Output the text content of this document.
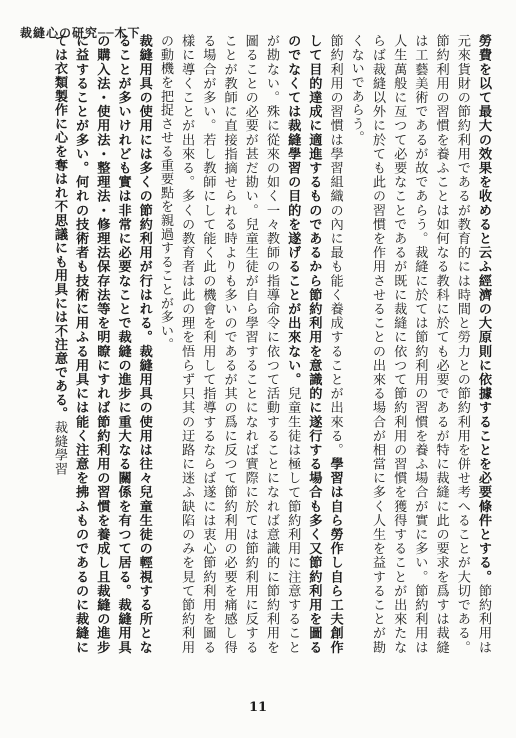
裁縫心の研究──木下

勞費を以て最大の效果を收めると云ふ經濟の大原則に依據することを必要條件とする。節約利用は元來貨財の節約利用であるが教育的には時間と勞力との節約利用を併せ考へることが大切である。節約利用の習慣を養ふことは如何なる教科に於ても必要であるが特に裁縫に此の要求を爲すは裁縫は工藝美術であるが故であらう。裁縫に於ては節約利用の習慣を養ふ場合が實に多い。節約利用は人生萬般に亙つて必要なことであるが既に裁縫に依つて節約利用の習慣を獲得することが出來たならば裁縫以外に於ても此の習慣を作用させることの出來る場合が相當に多く人生を益することが勘くないであらう。

節約利用の習慣は學習組織の內に最も能く養成することが出來る。學習は自ら勞作し自ら工夫創作して目的達成に適進するものであるから節約利用を意識的に遂行する場合も多く又節約利用を圖るのでなくては裁縫學習の目的を遂げることが出來ない。兒童生徒は極して節約利用に注意することが勘ない。殊に從來の如く一々教師の指導命令に依つて活動することになれば意識的に節約利用を圖ることの必要が甚だ勘い。兒童生徒が自ら學習することになれば實際に於ては節約利用に反することが教師に直接指摘せられる時よりも多いのであるが其の爲に反つて節約利用の必要を痛感し得る場合が多い。若し教師にして能く此の機會を利用して指導するならば遂には衷心節約利用を圖る樣に導くことが出來る。多くの教育者は此の理を悟らず只其の迂路に迷ふ缺陷のみを見て節約利用の動機を把捉させる重要點を親過することが多い。

裁縫用具の使用には多くの節約利用が行はれる。裁縫用具の使用は往々兒童生徒の輕視する所となることが多いけれども實は非常に必要なことで裁縫の進步に重大なる關係を有つて居る。裁縫用具の購入法・使用法・整理法・修理法保存法等を明瞭にすれば節約利用の習慣を養成し且裁縫の進步に益することが多い。何れの技術者も技術に用ふる用具には能く注意を拂ふものであるのに裁縫にては衣類製作に心を奪はれ不思議にも用具には不注意である。裁縫學習

11
